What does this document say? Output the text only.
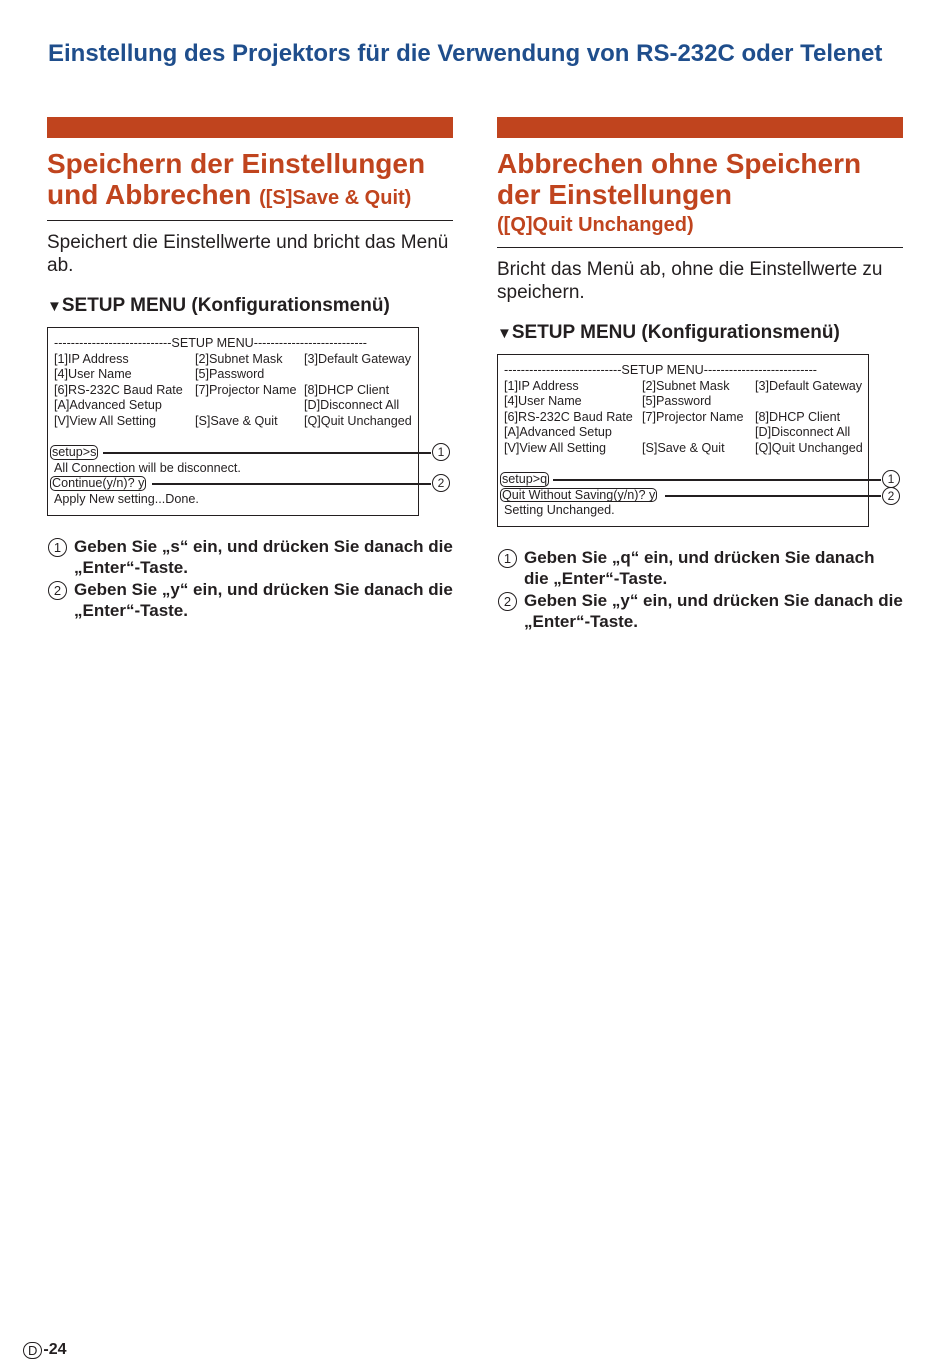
Einstellung des Projektors für die Verwendung von RS-232C oder Telenet
Speichern der Einstellungen
und Abbrechen ([S]Save & Quit)

Speichert die Einstellwerte und bricht das Menü ab.

▼SETUP MENU (Konfigurationsmenü)

----------------------------SETUP MENU---------------------------
[1]IP Address	[2]Subnet Mask	[3]Default Gateway
[4]User Name	[5]Password
[6]RS-232C Baud Rate [7]Projector Name [8]DHCP Client
[A]Advanced Setup	[D]Disconnect All
[V]View All Setting	[S]Save & Quit	[Q]Quit Unchanged
setup>s
All Connection will be disconnect.
Continue(y/n)? y
Apply New setting...Done.
1
2
1 Geben Sie „s“ ein, und drücken Sie danach die „Enter“-Taste.
2 Geben Sie „y“ ein, und drücken Sie danach die „Enter“-Taste.
Abbrechen ohne Speichern
der Einstellungen
([Q]Quit Unchanged)

Bricht das Menü ab, ohne die Einstellwerte zu speichern.

▼SETUP MENU (Konfigurationsmenü)

----------------------------SETUP MENU---------------------------
[1]IP Address	[2]Subnet Mask	[3]Default Gateway
[4]User Name	[5]Password
[6]RS-232C Baud Rate [7]Projector Name [8]DHCP Client
[A]Advanced Setup	[D]Disconnect All
[V]View All Setting	[S]Save & Quit	[Q]Quit Unchanged
setup>q
Quit Without Saving(y/n)? y
Setting Unchanged.
1
2
1 Geben Sie „q“ ein, und drücken Sie danach die „Enter“-Taste.
2 Geben Sie „y“ ein, und drücken Sie danach die „Enter“-Taste.
D -24
